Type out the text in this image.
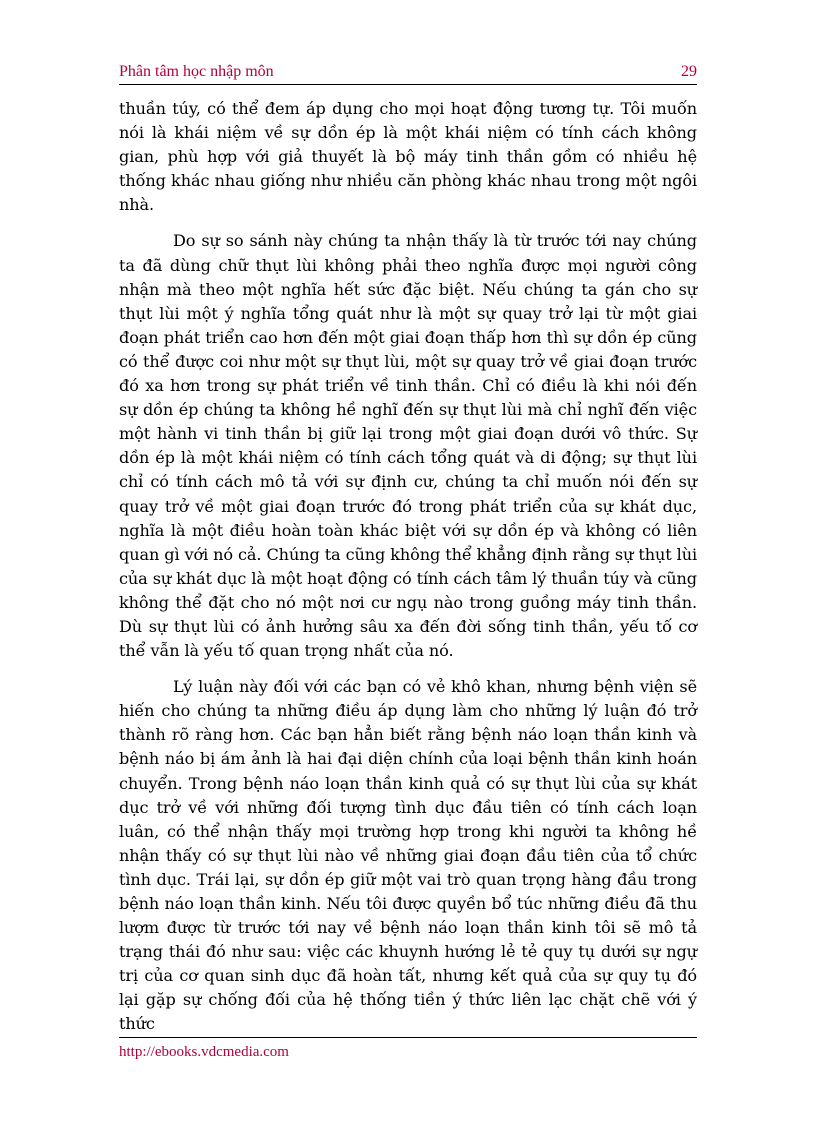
Phân tâm học nhập môn	29

thuần túy, có thể đem áp dụng cho mọi hoạt động tương tự. Tôi muốn nói là khái niệm về sự dồn ép là một khái niệm có tính cách không gian, phù hợp với giả thuyết là bộ máy tinh thần gồm có nhiều hệ thống khác nhau giống như nhiều căn phòng khác nhau trong một ngôi nhà.

Do sự so sánh này chúng ta nhận thấy là từ trước tới nay chúng ta đã dùng chữ thụt lùi không phải theo nghĩa được mọi người công nhận mà theo một nghĩa hết sức đặc biệt. Nếu chúng ta gán cho sự thụt lùi một ý nghĩa tổng quát như là một sự quay trở lại từ một giai đoạn phát triển cao hơn đến một giai đoạn thấp hơn thì sự dồn ép cũng có thể được coi như một sự thụt lùi, một sự quay trở về giai đoạn trước đó xa hơn trong sự phát triển về tinh thần. Chỉ có điều là khi nói đến sự dồn ép chúng ta không hề nghĩ đến sự thụt lùi mà chỉ nghĩ đến việc một hành vi tinh thần bị giữ lại trong một giai đoạn dưới vô thức. Sự dồn ép là một khái niệm có tính cách tổng quát và di động; sự thụt lùi chỉ có tính cách mô tả với sự định cư, chúng ta chỉ muốn nói đến sự quay trở về một giai đoạn trước đó trong phát triển của sự khát dục, nghĩa là một điều hoàn toàn khác biệt với sự dồn ép và không có liên quan gì với nó cả. Chúng ta cũng không thể khẳng định rằng sự thụt lùi của sự khát dục là một hoạt động có tính cách tâm lý thuần túy và cũng không thể đặt cho nó một nơi cư ngụ nào trong guồng máy tinh thần. Dù sự thụt lùi có ảnh hưởng sâu xa đến đời sống tinh thần, yếu tố cơ thể vẫn là yếu tố quan trọng nhất của nó.

Lý luận này đối với các bạn có vẻ khô khan, nhưng bệnh viện sẽ hiến cho chúng ta những điều áp dụng làm cho những lý luận đó trở thành rõ ràng hơn. Các bạn hẳn biết rằng bệnh náo loạn thần kinh và bệnh náo bị ám ảnh là hai đại diện chính của loại bệnh thần kinh hoán chuyển. Trong bệnh náo loạn thần kinh quả có sự thụt lùi của sự khát dục trở về với những đối tượng tình dục đầu tiên có tính cách loạn luân, có thể nhận thấy mọi trường hợp trong khi người ta không hề nhận thấy có sự thụt lùi nào về những giai đoạn đầu tiên của tổ chức tình dục. Trái lại, sự dồn ép giữ một vai trò quan trọng hàng đầu trong bệnh náo loạn thần kinh. Nếu tôi được quyền bổ túc những điều đã thu lượm được từ trước tới nay về bệnh náo loạn thần kinh tôi sẽ mô tả trạng thái đó như sau: việc các khuynh hướng lẻ tẻ quy tụ dưới sự ngự trị của cơ quan sinh dục đã hoàn tất, nhưng kết quả của sự quy tụ đó lại gặp sự chống đối của hệ thống tiền ý thức liên lạc chặt chẽ với ý thức

http://ebooks.vdcmedia.com
